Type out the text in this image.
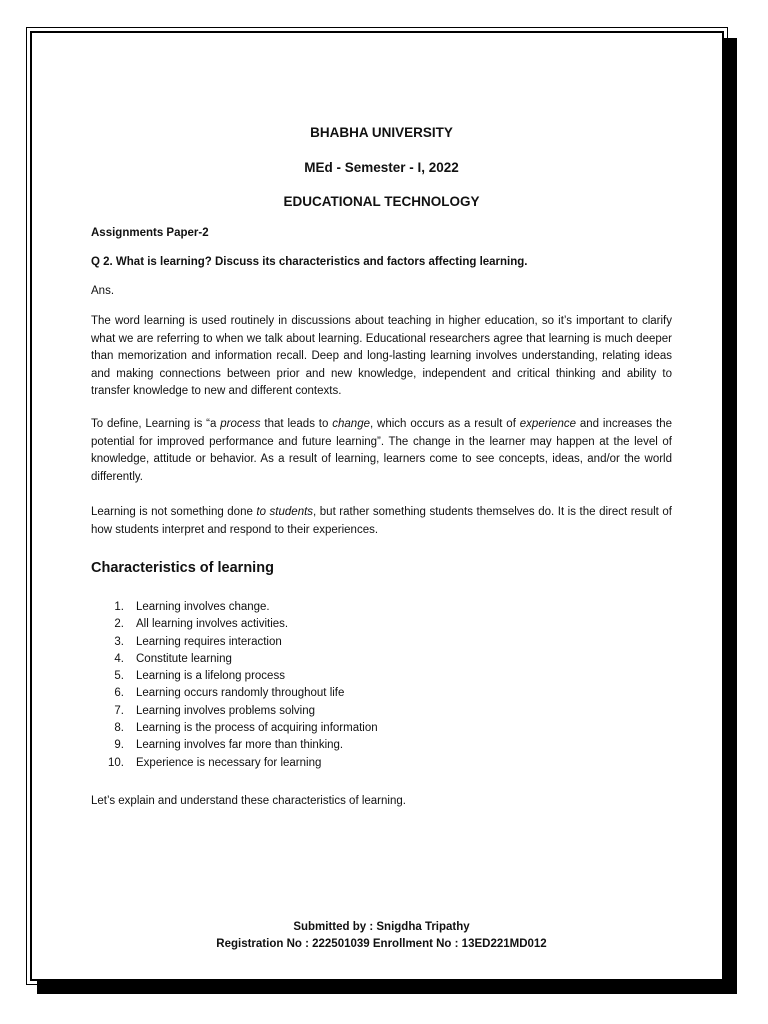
BHABHA UNIVERSITY
MEd - Semester - I, 2022
EDUCATIONAL TECHNOLOGY
Assignments Paper-2
Q 2. What is learning? Discuss its characteristics and factors affecting learning.
Ans.

The word learning is used routinely in discussions about teaching in higher education, so it’s important to clarify what we are referring to when we talk about learning. Educational researchers agree that learning is much deeper than memorization and information recall. Deep and long-lasting learning involves understanding, relating ideas and making connections between prior and new knowledge, independent and critical thinking and ability to transfer knowledge to new and different contexts.

To define, Learning is “a process that leads to change, which occurs as a result of experience and increases the potential for improved performance and future learning”. The change in the learner may happen at the level of knowledge, attitude or behavior. As a result of learning, learners come to see concepts, ideas, and/or the world differently.

Learning is not something done to students, but rather something students themselves do. It is the direct result of how students interpret and respond to their experiences.

Characteristics of learning
1. Learning involves change.
2. All learning involves activities.
3. Learning requires interaction
4. Constitute learning
5. Learning is a lifelong process
6. Learning occurs randomly throughout life
7. Learning involves problems solving
8. Learning is the process of acquiring information
9. Learning involves far more than thinking.
10. Experience is necessary for learning
Let’s explain and understand these characteristics of learning.
Submitted by : Snigdha Tripathy
Registration No : 222501039 Enrollment No : 13ED221MD012
